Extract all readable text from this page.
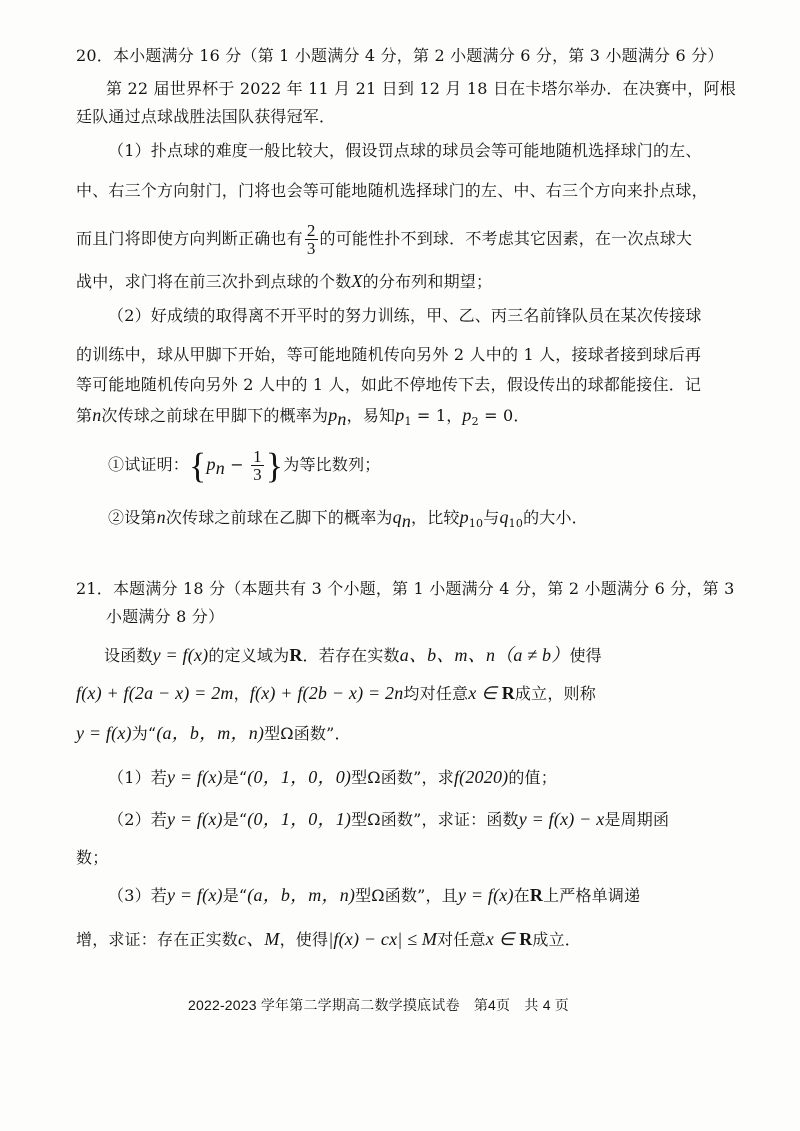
20．本小题满分 16 分（第 1 小题满分 4 分，第 2 小题满分 6 分，第 3 小题满分 6 分）
第 22 届世界杯于 2022 年 11 月 21 日到 12 月 18 日在卡塔尔举办．在决赛中，阿根
廷队通过点球战胜法国队获得冠军．
（1）扑点球的难度一般比较大，假设罚点球的球员会等可能地随机选择球门的左、
中、右三个方向射门，门将也会等可能地随机选择球门的左、中、右三个方向来扑点球，
而且门将即使方向判断正确也有 $\frac{2}{3}$ 的可能性扑不到球．不考虑其它因素，在一次点球大
战中，求门将在前三次扑到点球的个数X的分布列和期望；
（2）好成绩的取得离不开平时的努力训练，甲、乙、丙三名前锋队员在某次传接球
的训练中，球从甲脚下开始，等可能地随机传向另外 2 人中的 1 人，接球者接到球后再
等可能地随机传向另外 2 人中的 1 人，如此不停地传下去，假设传出的球都能接住．记
第n次传球之前球在甲脚下的概率为$p_n$，易知$p_1 = 1$，$p_2 = 0$．
①试证明：{$p_n - \frac{1}{3}$ }为等比数列；
②设第n次传球之前球在乙脚下的概率为$q_n$，比较$p_{10}$与$q_{10}$的大小．
21．本题满分 18 分（本题共有 3 个小题，第 1 小题满分 4 分，第 2 小题满分 6 分，第 3
小题满分 8 分）
设函数y = f(x)的定义域为R．若存在实数a、b、m、n（a ≠ b）使得
f(x) + f(2a − x) = 2m，f(x) + f(2b − x) = 2n均对任意x ∈ R成立，则称
y = f(x)为“(a，b，m，n)型Ω函数”．
（1）若y = f(x)是“(0，1，0，0)型Ω函数”，求f(2020)的值；
（2）若y = f(x)是“(0，1，0，1)型Ω函数”，求证：函数y = f(x) − x是周期函
数；
（3）若y = f(x)是“(a，b，m，n)型Ω函数”，且y = f(x)在R上严格单调递
增，求证：存在正实数c、M，使得|f(x) − cx| ≤ M对任意x ∈ R成立．
2022-2023 学年第二学期高二数学摸底试卷　第4页　共 4 页
